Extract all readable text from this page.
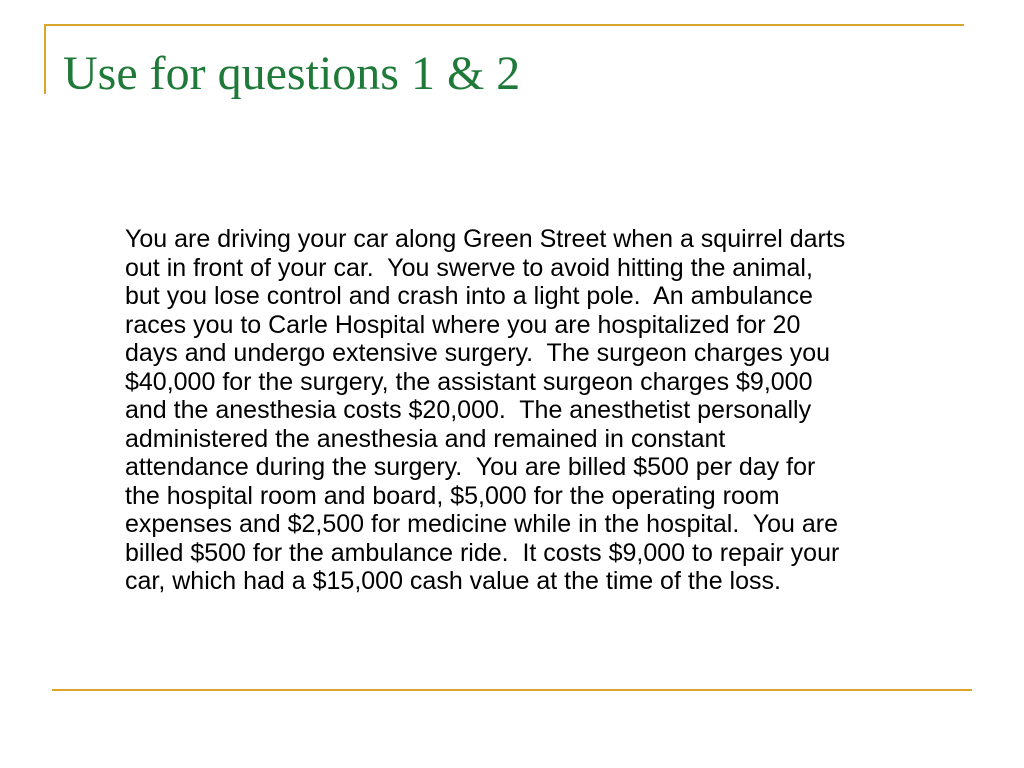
Use for questions 1 & 2
You are driving your car along Green Street when a squirrel darts
out in front of your car.  You swerve to avoid hitting the animal,
but you lose control and crash into a light pole.  An ambulance
races you to Carle Hospital where you are hospitalized for 20
days and undergo extensive surgery.  The surgeon charges you
$40,000 for the surgery, the assistant surgeon charges $9,000
and the anesthesia costs $20,000.  The anesthetist personally
administered the anesthesia and remained in constant
attendance during the surgery.  You are billed $500 per day for
the hospital room and board, $5,000 for the operating room
expenses and $2,500 for medicine while in the hospital.  You are
billed $500 for the ambulance ride.  It costs $9,000 to repair your
car, which had a $15,000 cash value at the time of the loss.
